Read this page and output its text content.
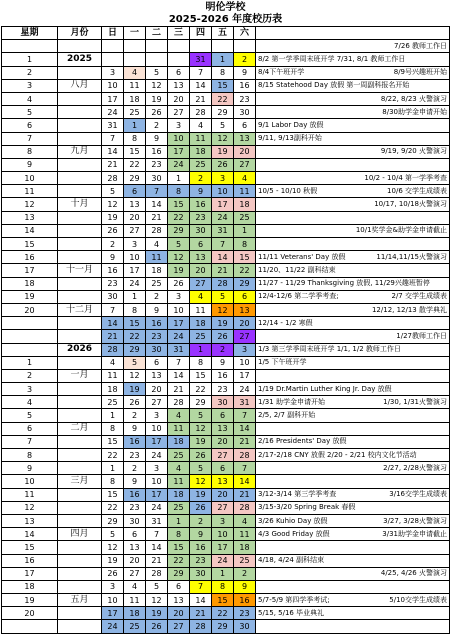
明伦学校
2025-2026 年度校历表
星期	月份	日	一	二	三	四	五	六	
									7/26 教师工作日
1	2025					31	1	2	8/2 第一学季周末班开学 7/31, 8/1 教师工作日
2		3	4	5	6	7	8	9	8/4下午班开学 8/9号兴趣班开始

3	八月	10	11	12	13	14	15	16	8/15 Statehood Day 放假 第一周副科报名开始
4		17	18	19	20	21	22	23	8/22, 8/23 火警演习

5		24	25	26	27	28	29	30	8/30助学金申请开始

6		31	1	2	3	4	5	6	9/1 Labor Day 放假
7		7	8	9	10	11	12	13	9/11, 9/13副科开始
8	九月	14	15	16	17	18	19	20	9/19, 9/20 火警演习

9		21	22	23	24	25	26	27	
10		28	29	30	1	2	3	4	10/2 - 10/4 第一学季考查

11		5	6	7	8	9	10	11	10/5 - 10/10 秋假 10/6 交学生成绩表

12	十月	12	13	14	15	16	17	18	10/17, 10/18火警演习

13		19	20	21	22	23	24	25	
14		26	27	28	29	30	31	1	10/1奖学金&助学金申请截止

15		2	3	4	5	6	7	8	
16		9	10	11	12	13	14	15	11/11 Veterans' Day 放假 11/14,11/15火警演习

17	十一月	16	17	18	19	20	21	22	11/20、11/22 副科结束
18		23	24	25	26	27	28	29	11/27 - 11/29 Thanksgiving 放假, 11/29兴趣班暂停
19		30	1	2	3	4	5	6	12/4-12/6 第二学季考查; 2/7 交学生成绩表

20	十二月	7	8	9	10	11	12	13	12/12, 12/13 散学典礼

		14	15	16	17	18	19	20	12/14 - 1/2 寒假
		21	22	23	24	25	26	27	1/27教师工作日

	2026	28	29	30	31	1	2	3	1/3 第三学季周末班开学 1/1, 1/2 教师工作日
1		4	5	6	7	8	9	10	1/5 下午班开学
2	一月	11	12	13	14	15	16	17	
3		18	19	20	21	22	23	24	1/19 Dr.Martin Luther King Jr. Day 放假
4		25	26	27	28	29	30	31	1/31 助学金申请开始 1/30, 1/31火警演习

5		1	2	3	4	5	6	7	2/5, 2/7 副科开始
6	二月	8	9	10	11	12	13	14	
7		15	16	17	18	19	20	21	2/16 Presidents' Day 放假
8		22	23	24	25	26	27	28	2/17-2/18 CNY 放假 2/20 - 2/21 校内文化节活动
9		1	2	3	4	5	6	7	2/27, 2/28火警演习

10	三月	8	9	10	11	12	13	14	
11		15	16	17	18	19	20	21	3/12-3/14 第三学季考查 3/16交学生成绩表

12		22	23	24	25	26	27	28	3/15-3/20 Spring Break 春假
13		29	30	31	1	2	3	4	3/26 Kuhio Day 放假 3/27, 3/28火警演习

14	四月	5	6	7	8	9	10	11	4/3 Good Friday 放假 3/31助学金申请截止

15		12	13	14	15	16	17	18	
16		19	20	21	22	23	24	25	4/18, 4/24 副科结束
17		26	27	28	29	30	1	2	4/25, 4/26 火警演习

18		3	4	5	6	7	8	9	
19	五月	10	11	12	13	14	15	16	5/7-5/9 第四学季考试; 5/10交学生成绩表

20		17	18	19	20	21	22	23	5/15, 5/16 毕业典礼
		24	25	26	27	28	29	30	
